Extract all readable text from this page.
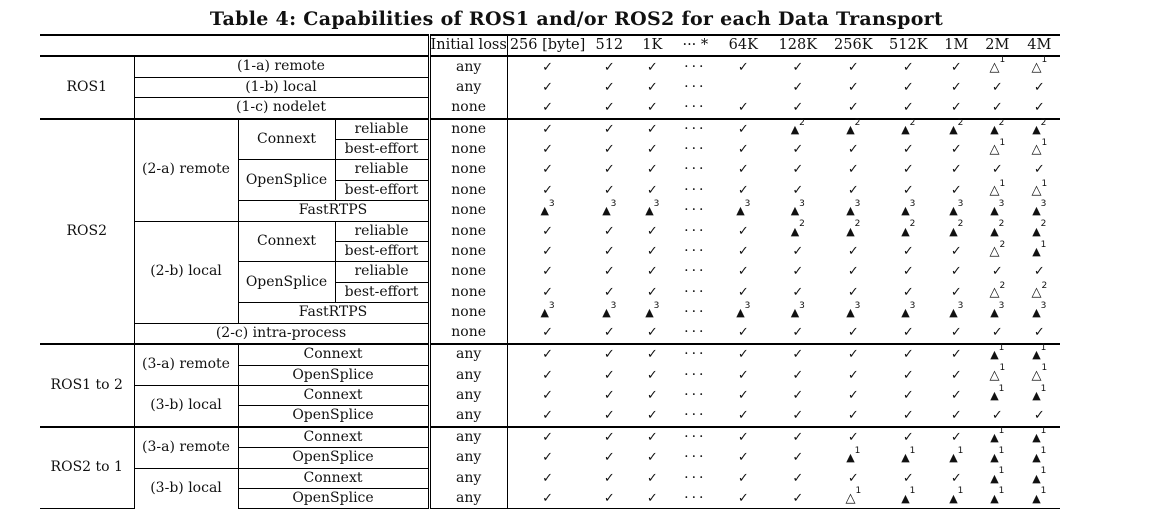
Table 4: Capabilities of ROS1 and/or ROS2 for each Data Transport
				Initial loss	256 [byte]	512	1K	··· *	64K	128K	256K	512K	1M	2M	4M
ROS1	(1-a) remote			any	✓	✓	✓	···	✓	✓	✓	✓	✓	△$^1$	△$^1$
	(1-b) local			any	✓	✓	✓	···		✓	✓	✓	✓	✓	✓
	(1-c) nodelet			none	✓	✓	✓	···	✓	✓	✓	✓	✓	✓	✓
ROS2	(2-a) remote	Connext	reliable	none	✓	✓	✓	···	✓	▲$^2$	▲$^2$	▲$^2$	▲$^2$	▲$^2$	▲$^2$
			best-effort	none	✓	✓	✓	···	✓	✓	✓	✓	✓	△$^1$	△$^1$
		OpenSplice	reliable	none	✓	✓	✓	···	✓	✓	✓	✓	✓	✓	✓
			best-effort	none	✓	✓	✓	···	✓	✓	✓	✓	✓	△$^1$	△$^1$
		FastRTPS		none	▲$^3$	▲$^3$	▲$^3$	···	▲$^3$	▲$^3$	▲$^3$	▲$^3$	▲$^3$	▲$^3$	▲$^3$
	(2-b) local	Connext	reliable	none	✓	✓	✓	···	✓	▲$^2$	▲$^2$	▲$^2$	▲$^2$	▲$^2$	▲$^2$
			best-effort	none	✓	✓	✓	···	✓	✓	✓	✓	✓	△$^2$	▲$^1$
		OpenSplice	reliable	none	✓	✓	✓	···	✓	✓	✓	✓	✓	✓	✓
			best-effort	none	✓	✓	✓	···	✓	✓	✓	✓	✓	△$^2$	△$^2$
		FastRTPS		none	▲$^3$	▲$^3$	▲$^3$	···	▲$^3$	▲$^3$	▲$^3$	▲$^3$	▲$^3$	▲$^3$	▲$^3$
	(2-c) intra-process			none	✓	✓	✓	···	✓	✓	✓	✓	✓	✓	✓
ROS1 to 2	(3-a) remote	Connext		any	✓	✓	✓	···	✓	✓	✓	✓	✓	▲$^1$	▲$^1$
		OpenSplice		any	✓	✓	✓	···	✓	✓	✓	✓	✓	△$^1$	△$^1$
	(3-b) local	Connext		any	✓	✓	✓	···	✓	✓	✓	✓	✓	▲$^1$	▲$^1$
		OpenSplice		any	✓	✓	✓	···	✓	✓	✓	✓	✓	✓	✓
ROS2 to 1	(3-a) remote	Connext		any	✓	✓	✓	···	✓	✓	✓	✓	✓	▲$^1$	▲$^1$
		OpenSplice		any	✓	✓	✓	···	✓	✓	▲$^1$	▲$^1$	▲$^1$	▲$^1$	▲$^1$
	(3-b) local	Connext		any	✓	✓	✓	···	✓	✓	✓	✓	✓	▲$^1$	▲$^1$
		OpenSplice		any	✓	✓	✓	···	✓	✓	△$^1$	▲$^1$	▲$^1$	▲$^1$	▲$^1$
